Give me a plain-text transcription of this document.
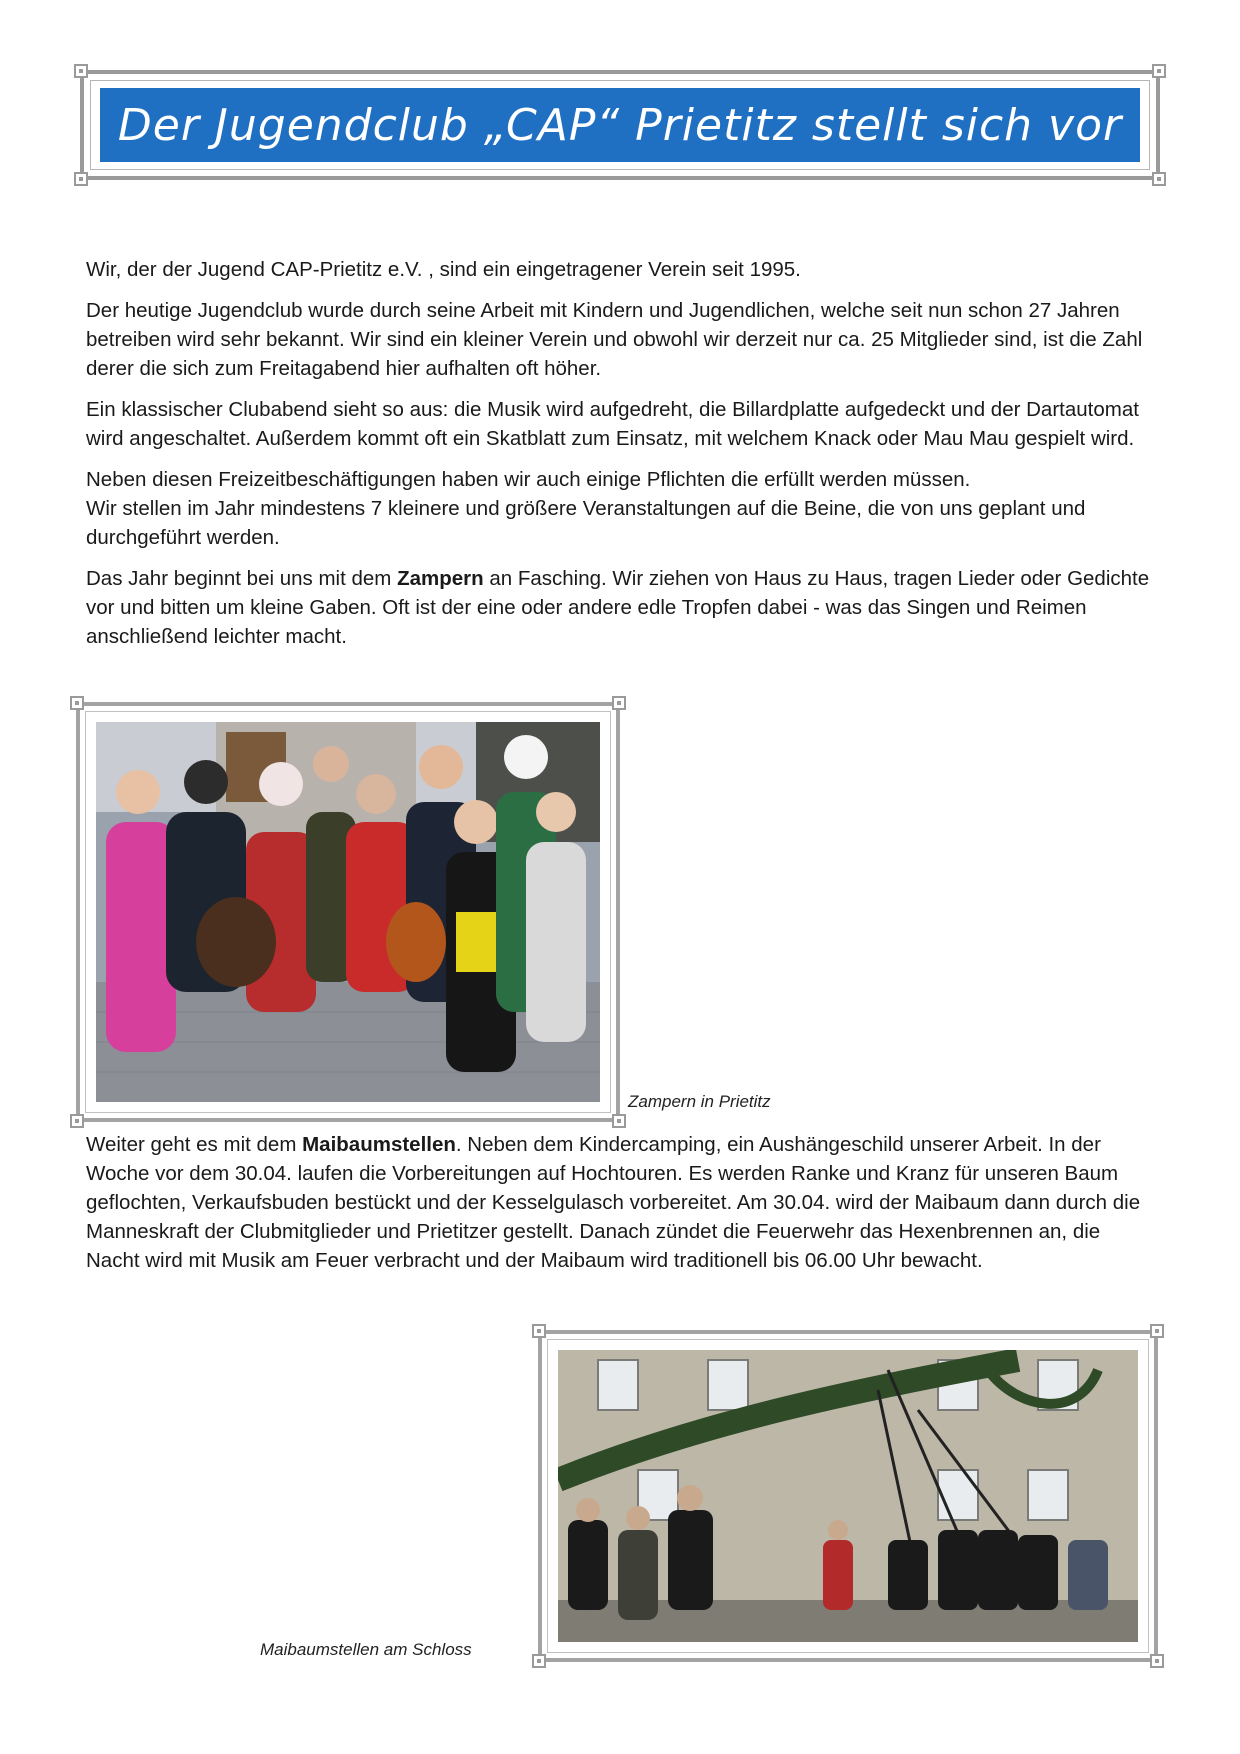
Der Jugendclub „CAP“ Prietitz stellt sich vor

Wir, der der Jugend CAP-Prietitz e.V. , sind ein eingetragener Verein seit 1995.

Der heutige Jugendclub wurde durch seine Arbeit mit Kindern und Jugendlichen, welche seit nun schon 27 Jahren betreiben wird sehr bekannt. Wir sind ein kleiner Verein und obwohl wir derzeit nur ca. 25 Mitglieder sind, ist die Zahl derer die sich zum Freitagabend hier aufhalten oft höher.

Ein klassischer Clubabend sieht so aus: die Musik wird aufgedreht, die Billardplatte aufgedeckt und der Dartautomat wird angeschaltet. Außerdem kommt oft ein Skatblatt zum Einsatz, mit welchem Knack oder Mau Mau gespielt wird.

Neben diesen Freizeitbeschäftigungen haben wir auch einige Pflichten die erfüllt werden müssen.
Wir stellen im Jahr mindestens 7 kleinere und größere Veranstaltungen auf die Beine, die von uns geplant und durchgeführt werden.

Das Jahr beginnt bei uns mit dem Zampern an Fasching. Wir ziehen von Haus zu Haus, tragen Lieder oder Gedichte vor und bitten um kleine Gaben. Oft ist der eine oder andere edle Tropfen dabei - was das Singen und Reimen anschließend leichter macht.

Zampern in Prietitz

Weiter geht es mit dem Maibaumstellen. Neben dem Kindercamping, ein Aushängeschild unserer Arbeit. In der Woche vor dem 30.04. laufen die Vorbereitungen auf Hochtouren. Es werden Ranke und Kranz für unseren Baum geflochten, Verkaufsbuden bestückt und der Kesselgulasch vorbereitet. Am 30.04. wird der Maibaum dann durch die Manneskraft der Clubmitglieder und Prietitzer gestellt. Danach zündet die Feuerwehr das Hexenbrennen an, die Nacht wird mit Musik am Feuer verbracht und der Maibaum wird traditionell bis 06.00 Uhr bewacht.

Maibaumstellen am Schloss
